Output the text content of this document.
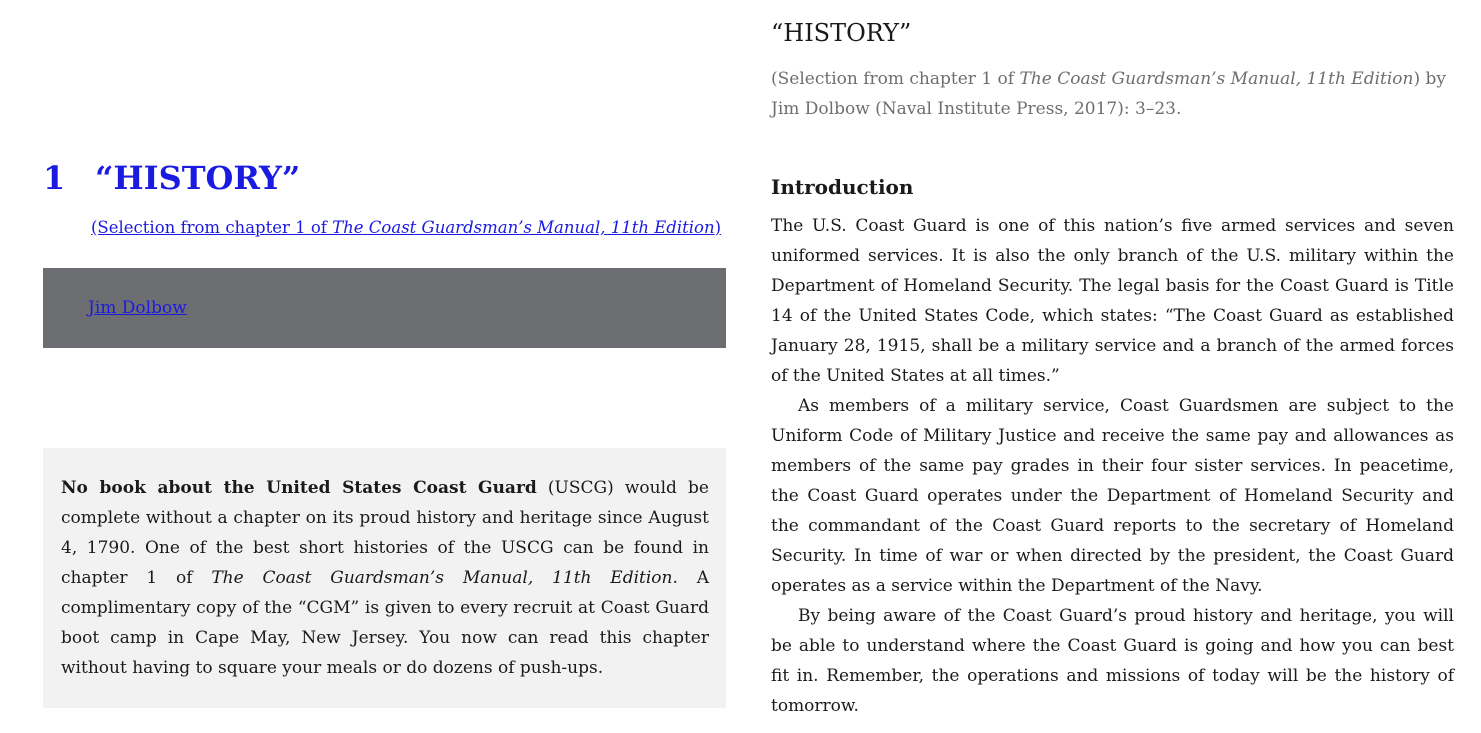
1 “HISTORY”
(Selection from chapter 1 of The Coast Guardsman’s Manual, 11th Edition)
Jim Dolbow
No book about the United States Coast Guard (USCG) would be complete without a chapter on its proud history and heritage since August 4, 1790. One of the best short histories of the USCG can be found in chapter 1 of The Coast Guardsman’s Manual, 11th Edition. A complimentary copy of the “CGM” is given to every recruit at Coast Guard boot camp in Cape May, New Jersey. You now can read this chapter without having to square your meals or do dozens of push-ups.
“HISTORY”
(Selection from chapter 1 of The Coast Guardsman’s Manual, 11th Edition) by Jim Dolbow (Naval Institute Press, 2017): 3–23.
Introduction

The U.S. Coast Guard is one of this nation’s five armed services and seven uniformed services. It is also the only branch of the U.S. military within the Department of Homeland Security. The legal basis for the Coast Guard is Title 14 of the United States Code, which states: “The Coast Guard as established January 28, 1915, shall be a military service and a branch of the armed forces of the United States at all times.”

As members of a military service, Coast Guardsmen are subject to the Uniform Code of Military Justice and receive the same pay and allowances as members of the same pay grades in their four sister services. In peacetime, the Coast Guard operates under the Department of Homeland Security and the commandant of the Coast Guard reports to the secretary of Homeland Security. In time of war or when directed by the president, the Coast Guard operates as a service within the Department of the Navy.

By being aware of the Coast Guard’s proud history and heritage, you will be able to understand where the Coast Guard is going and how you can best fit in. Remember, the operations and missions of today will be the history of tomorrow.
